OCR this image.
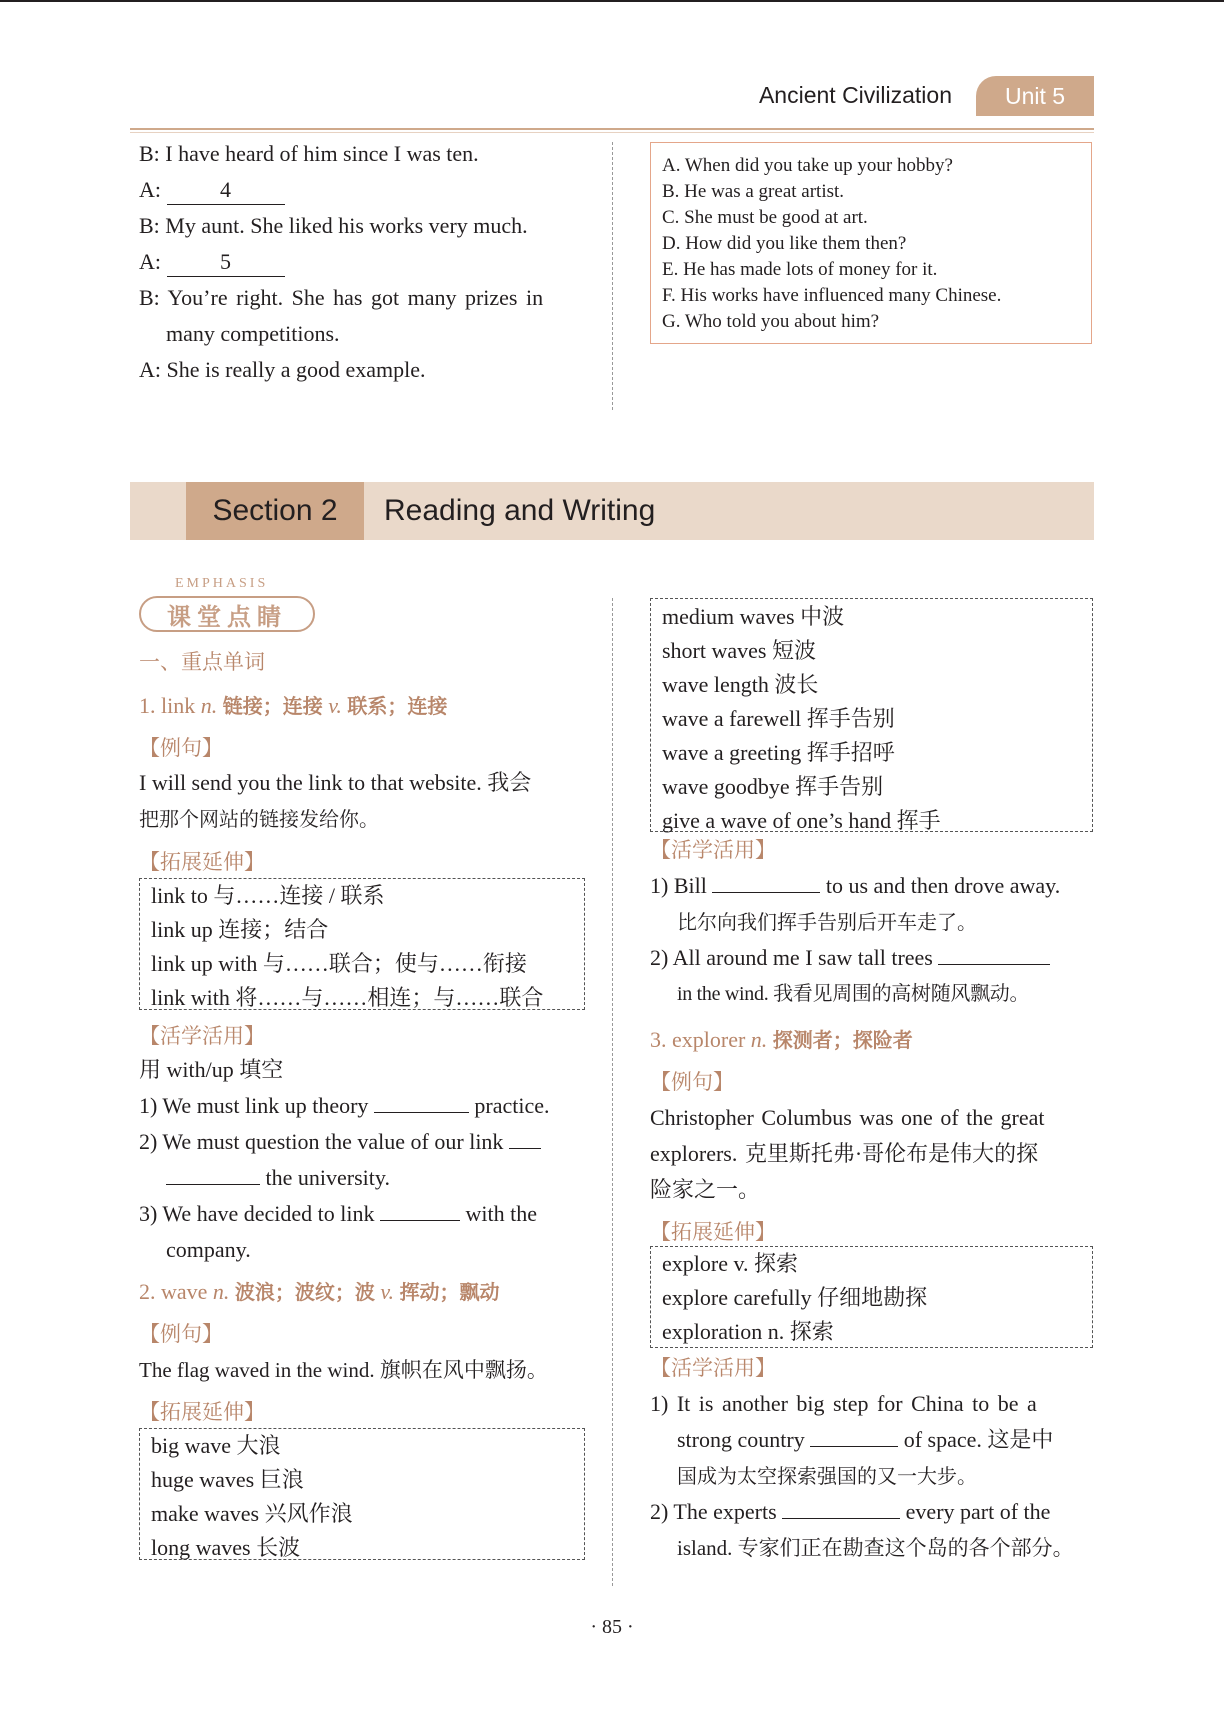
Ancient Civilization	Unit 5
B: I have heard of him since I was ten.
A:	4
B: My aunt. She liked his works very much.
A:	5
B: You’re right. She has got many prizes in
many competitions.
A: She is really a good example.
A. When did you take up your hobby?
B. He was a great artist.
C. She must be good at art.
D. How did you like them then?
E. He has made lots of money for it.
F. His works have influenced many Chinese.
G. Who told you about him?
Section 2	Reading and Writing
EMPHASIS
课堂点睛
一、重点单词
1. link n. 链接；连接 v. 联系；连接
【例句】
I will send you the link to that website. 我会
把那个网站的链接发给你。
【拓展延伸】
link to 与……连接 / 联系
link up 连接；结合
link up with 与……联合；使与……衔接
link with 将……与……相连；与……联合
【活学活用】
用 with/up 填空
1) We must link up theory	practice.
2) We must question the value of our link
the university.
3) We have decided to link	with the
company.
2. wave n. 波浪；波纹；波 v. 挥动；飘动
【例句】
The flag waved in the wind. 旗帜在风中飘扬。
【拓展延伸】
big wave 大浪
huge waves 巨浪
make waves 兴风作浪
long waves 长波
medium waves 中波
short waves 短波
wave length 波长
wave a farewell 挥手告别
wave a greeting 挥手招呼
wave goodbye 挥手告别
give a wave of one’s hand 挥手
【活学活用】
1) Bill	to us and then drove away.
比尔向我们挥手告别后开车走了。
2) All around me I saw tall trees
in the wind. 我看见周围的高树随风飘动。
3. explorer n. 探测者；探险者
【例句】
Christopher Columbus was one of the great
explorers. 克里斯托弗·哥伦布是伟大的探
险家之一。
【拓展延伸】
explore v. 探索
explore carefully 仔细地勘探
exploration n. 探索
【活学活用】
1) It is another big step for China to be a
strong country	of space. 这是中
国成为太空探索强国的又一大步。
2) The experts	every part of the
island. 专家们正在勘查这个岛的各个部分。
· 85 ·
